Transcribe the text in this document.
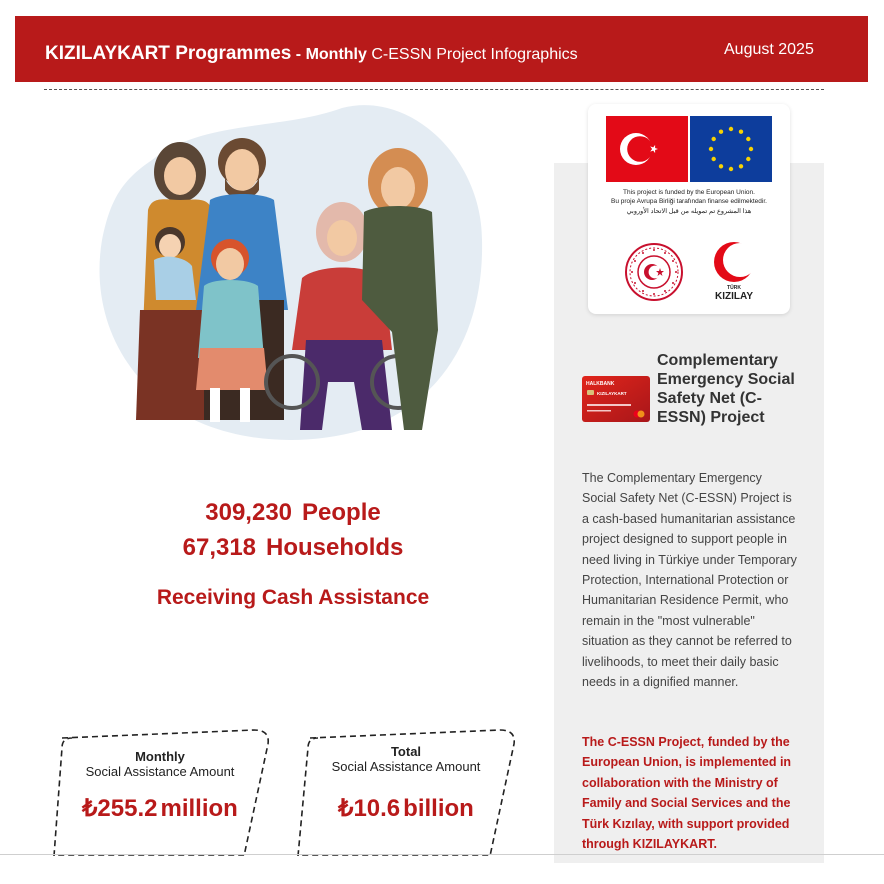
KIZILAYKART Programmes - Monthly C-ESSN Project Infographics	August 2025
This project is funded by the European Union.
Bu proje Avrupa Birliği tarafından finanse edilmektedir.
هذا المشروع تم تمويله من قبل الاتحاد الأوروبي
TÜRK
KIZILAY
HALKBANK
KIZILAYKART
Complementary Emergency Social Safety Net (C-ESSN) Project
The Complementary Emergency Social Safety Net (C-ESSN) Project is a cash-based humanitarian assistance project designed to support people in need living in Türkiye under Temporary Protection, International Protection or Humanitarian Residence Permit, who remain in the "most vulnerable" situation as they cannot be referred to livelihoods, to meet their daily basic needs in a dignified manner.
The C-ESSN Project, funded by the European Union, is implemented in collaboration with the Ministry of Family and Social Services and the Türk Kızılay, with support provided through KIZILAYKART.
309,230 People
67,318 Households
Receiving Cash Assistance
Monthly
Social Assistance Amount
₺255.2 million
Total
Social Assistance Amount
₺10.6 billion
